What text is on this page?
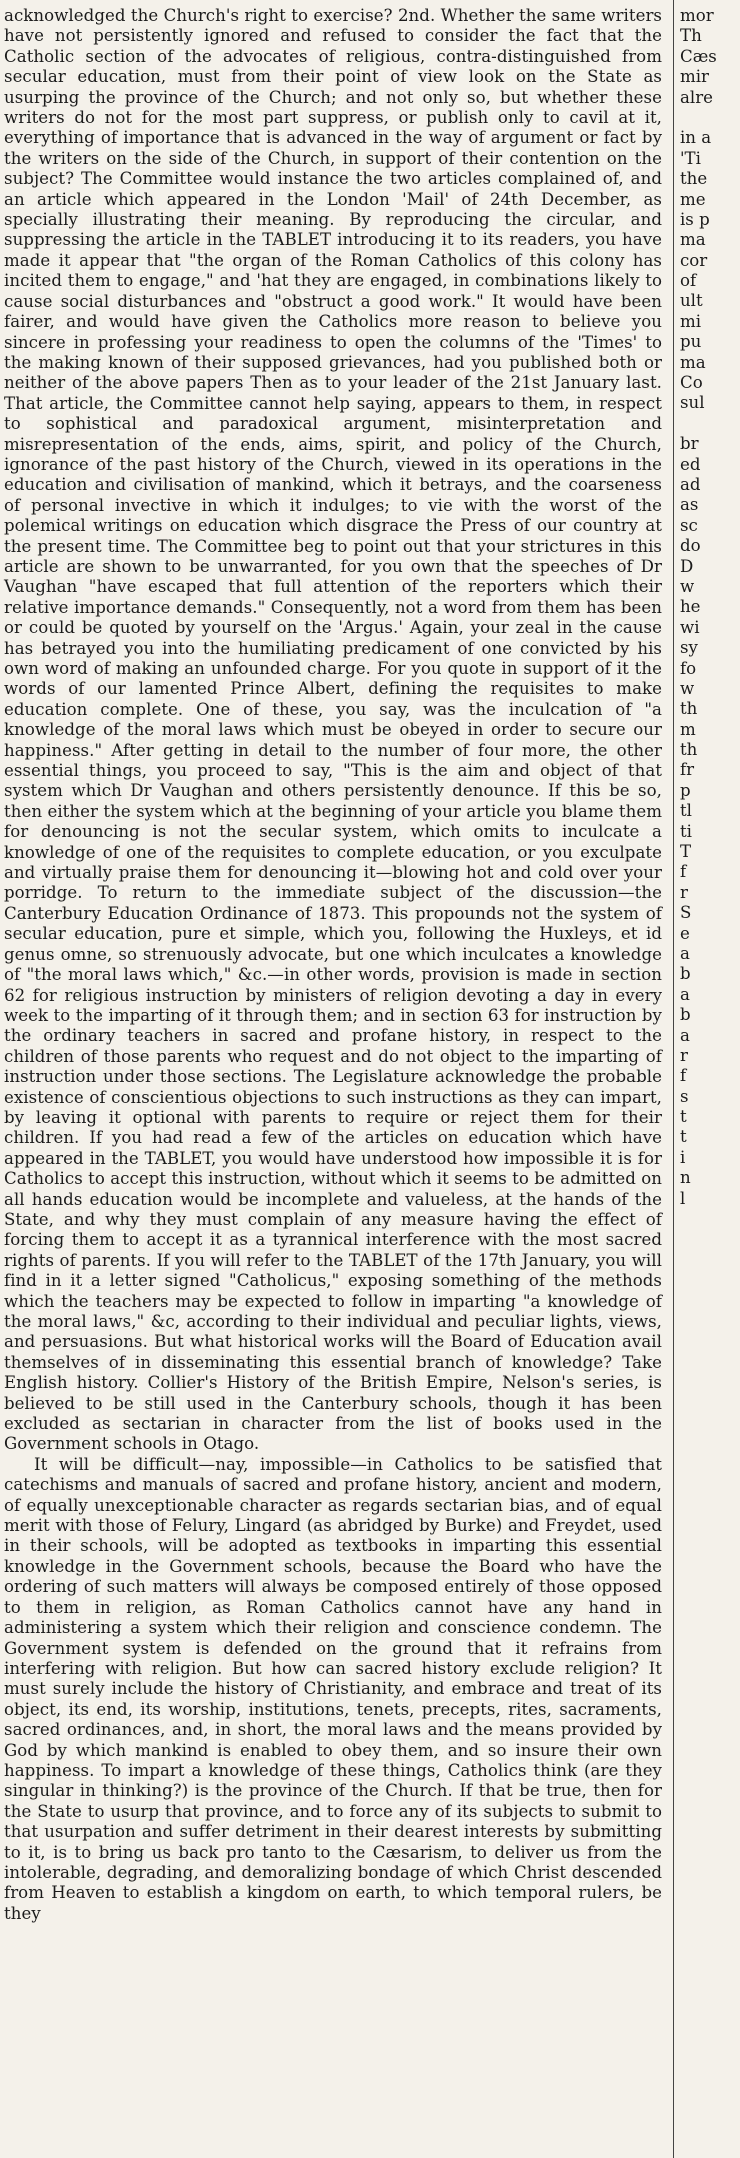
acknowledged the Church's right to exercise? 2nd. Whether the same writers have not persistently ignored and refused to consider the fact that the Catholic section of the advocates of religious, contra-distinguished from secular education, must from their point of view look on the State as usurping the province of the Church; and not only so, but whether these writers do not for the most part suppress, or publish only to cavil at it, everything of importance that is advanced in the way of argument or fact by the writers on the side of the Church, in support of their contention on the subject? The Committee would instance the two articles complained of, and an article which appeared in the London 'Mail' of 24th December, as specially illustrating their meaning. By reproducing the circular, and suppressing the article in the TABLET introducing it to its readers, you have made it appear that "the organ of the Roman Catholics of this colony has incited them to engage," and 'hat they are engaged, in combinations likely to cause social disturbances and "obstruct a good work." It would have been fairer, and would have given the Catholics more reason to believe you sincere in professing your readiness to open the columns of the 'Times' to the making known of their supposed grievances, had you published both or neither of the above papers Then as to your leader of the 21st January last. That article, the Committee cannot help saying, appears to them, in respect to sophistical and paradoxical argument, misinterpretation and misrepresentation of the ends, aims, spirit, and policy of the Church, ignorance of the past history of the Church, viewed in its operations in the education and civilisation of mankind, which it betrays, and the coarseness of personal invective in which it indulges; to vie with the worst of the polemical writings on education which disgrace the Press of our country at the present time. The Committee beg to point out that your strictures in this article are shown to be unwarranted, for you own that the speeches of Dr Vaughan "have escaped that full attention of the reporters which their relative importance demands." Consequently, not a word from them has been or could be quoted by yourself on the 'Argus.' Again, your zeal in the cause has betrayed you into the humiliating predicament of one convicted by his own word of making an unfounded charge. For you quote in support of it the words of our lamented Prince Albert, defining the requisites to make education complete. One of these, you say, was the inculcation of "a knowledge of the moral laws which must be obeyed in order to secure our happiness." After getting in detail to the number of four more, the other essential things, you proceed to say, "This is the aim and object of that system which Dr Vaughan and others persistently denounce. If this be so, then either the system which at the beginning of your article you blame them for denouncing is not the secular system, which omits to inculcate a knowledge of one of the requisites to complete education, or you exculpate and virtually praise them for denouncing it—blowing hot and cold over your porridge. To return to the immediate subject of the discussion—the Canterbury Education Ordinance of 1873. This propounds not the system of secular education, pure et simple, which you, following the Huxleys, et id genus omne, so strenuously advocate, but one which inculcates a knowledge of "the moral laws which," &c.—in other words, provision is made in section 62 for religious instruction by ministers of religion devoting a day in every week to the imparting of it through them; and in section 63 for instruction by the ordinary teachers in sacred and profane history, in respect to the children of those parents who request and do not object to the imparting of instruction under those sections. The Legislature acknowledge the probable existence of conscientious objections to such instructions as they can impart, by leaving it optional with parents to require or reject them for their children. If you had read a few of the articles on education which have appeared in the TABLET, you would have understood how impossible it is for Catholics to accept this instruction, without which it seems to be admitted on all hands education would be incomplete and valueless, at the hands of the State, and why they must complain of any measure having the effect of forcing them to accept it as a tyrannical interference with the most sacred rights of parents. If you will refer to the TABLET of the 17th January, you will find in it a letter signed "Catholicus," exposing something of the methods which the teachers may be expected to follow in imparting "a knowledge of the moral laws," &c, according to their individual and peculiar lights, views, and persuasions. But what historical works will the Board of Education avail themselves of in disseminating this essential branch of knowledge? Take English history. Collier's History of the British Empire, Nelson's series, is believed to be still used in the Canterbury schools, though it has been excluded as sectarian in character from the list of books used in the Government schools in Otago.

It will be difficult—nay, impossible—in Catholics to be satisfied that catechisms and manuals of sacred and profane history, ancient and modern, of equally unexceptionable character as regards sectarian bias, and of equal merit with those of Felury, Lingard (as abridged by Burke) and Freydet, used in their schools, will be adopted as textbooks in imparting this essential knowledge in the Government schools, because the Board who have the ordering of such matters will always be composed entirely of those opposed to them in religion, as Roman Catholics cannot have any hand in administering a system which their religion and conscience condemn. The Government system is defended on the ground that it refrains from interfering with religion. But how can sacred history exclude religion? It must surely include the history of Christianity, and embrace and treat of its object, its end, its worship, institutions, tenets, precepts, rites, sacraments, sacred ordinances, and, in short, the moral laws and the means provided by God by which mankind is enabled to obey them, and so insure their own happiness. To impart a knowledge of these things, Catholics think (are they singular in thinking?) is the province of the Church. If that be true, then for the State to usurp that province, and to force any of its subjects to submit to that usurpation and suffer detriment in their dearest interests by submitting to it, is to bring us back pro tanto to the Cæsarism, to deliver us from the intolerable, degrading, and demoralizing bondage of which Christ descended from Heaven to establish a kingdom on earth, to which temporal rulers, be they

mor
Th
Cæs
mir
alre
in a
'Ti
the
me
is p
ma
cor
of
ult
mi
pu
ma
Co
sul
br
ed
ad
as
sc
do
D
w
he
wi
sy
fo
w
th
m
th
fr
p
tl
ti
T
f
r
S
e
a
b
a
b
a
r
f
s
t
t
i
n
l
